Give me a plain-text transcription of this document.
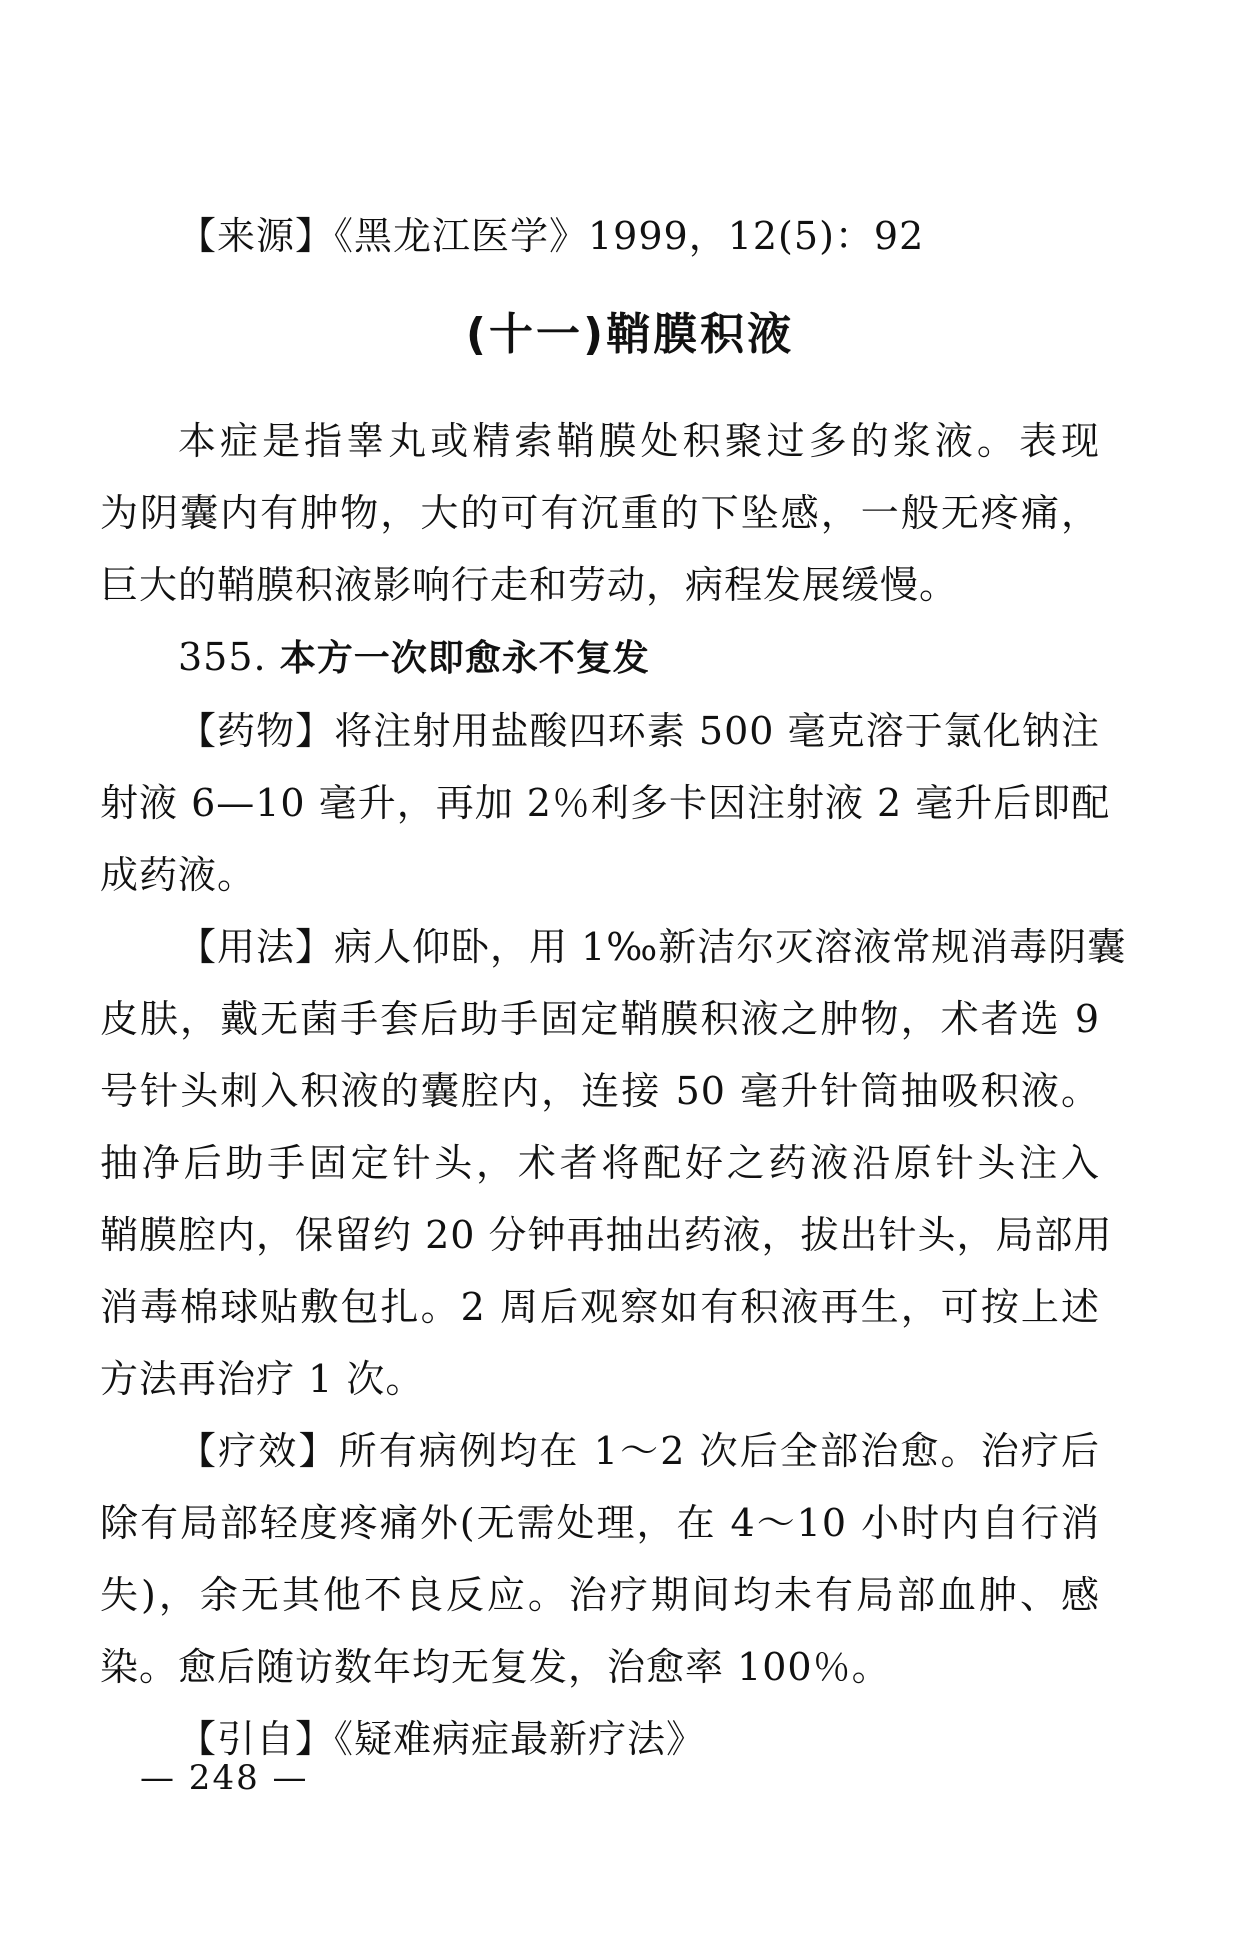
【来源】《黑龙江医学》1999，12(5)：92
(十一)鞘膜积液
本症是指睾丸或精索鞘膜处积聚过多的浆液。表现
为阴囊内有肿物，大的可有沉重的下坠感，一般无疼痛，
巨大的鞘膜积液影响行走和劳动，病程发展缓慢。
355. 本方一次即愈永不复发
【药物】将注射用盐酸四环素 500 毫克溶于氯化钠注
射液 6—10 毫升，再加 2％利多卡因注射液 2 毫升后即配
成药液。
【用法】病人仰卧，用 1‰新洁尔灭溶液常规消毒阴囊
皮肤，戴无菌手套后助手固定鞘膜积液之肿物，术者选 9
号针头刺入积液的囊腔内，连接 50 毫升针筒抽吸积液。
抽净后助手固定针头，术者将配好之药液沿原针头注入
鞘膜腔内，保留约 20 分钟再抽出药液，拔出针头，局部用
消毒棉球贴敷包扎。2 周后观察如有积液再生，可按上述
方法再治疗 1 次。
【疗效】所有病例均在 1～2 次后全部治愈。治疗后
除有局部轻度疼痛外(无需处理，在 4～10 小时内自行消
失)，余无其他不良反应。治疗期间均未有局部血肿、感
染。愈后随访数年均无复发，治愈率 100％。
【引自】《疑难病症最新疗法》
— 248 —
